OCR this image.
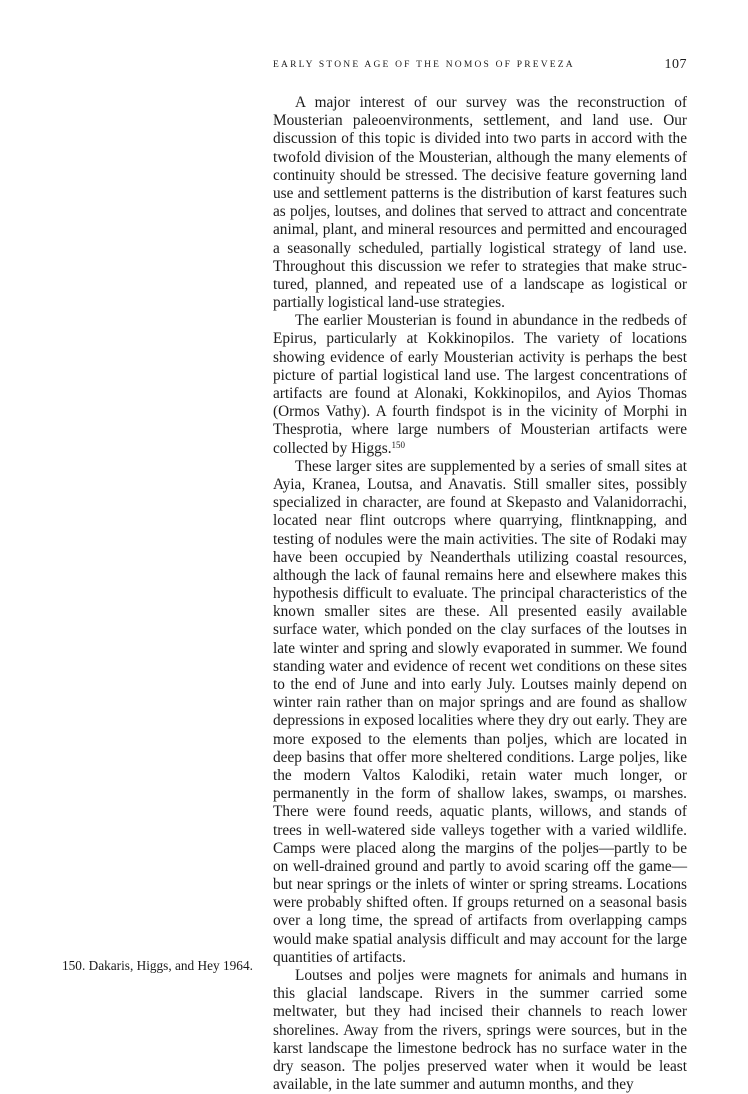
EARLY STONE AGE OF THE NOMOS OF PREVEZA	107

A major interest of our survey was the reconstruction of Mousterian paleoenvironments, settlement, and land use. Our discussion of this topic is divided into two parts in accord with the twofold division of the Mousterian, although the many elements of continuity should be stressed. The decisive feature governing land use and settlement patterns is the distribution of karst features such as poljes, loutses, and dolines that served to attract and concentrate animal, plant, and mineral resources and permitted and encouraged a seasonally scheduled, partially logistical strategy of land use. Throughout this discussion we refer to strategies that make structured, planned, and repeated use of a landscape as logistical or partially logistical land-use strategies.

The earlier Mousterian is found in abundance in the redbeds of Epirus, particularly at Kokkinopilos. The variety of locations showing evidence of early Mousterian activity is perhaps the best picture of partial logistical land use. The largest concentrations of artifacts are found at Alonaki, Kokkinopilos, and Ayios Thomas (Ormos Vathy). A fourth findspot is in the vicinity of Morphi in Thesprotia, where large numbers of Mousterian artifacts were collected by Higgs.$^{150}$

These larger sites are supplemented by a series of small sites at Ayia, Kranea, Loutsa, and Anavatis. Still smaller sites, possibly specialized in character, are found at Skepasto and Valanidorrachi, located near flint outcrops where quarrying, flintknapping, and testing of nodules were the main activities. The site of Rodaki may have been occupied by Neanderthals utilizing coastal resources, although the lack of faunal remains here and elsewhere makes this hypothesis difficult to evaluate. The principal characteristics of the known smaller sites are these. All presented easily available surface water, which ponded on the clay surfaces of the loutses in late winter and spring and slowly evaporated in summer. We found standing water and evidence of recent wet conditions on these sites to the end of June and into early July. Loutses mainly depend on winter rain rather than on major springs and are found as shallow depressions in exposed localities where they dry out early. They are more exposed to the elements than poljes, which are located in deep basins that offer more sheltered conditions. Large poljes, like the modern Valtos Kalodiki, retain water much longer, or permanently in the form of shallow lakes, swamps, oı marshes. There were found reeds, aquatic plants, willows, and stands of trees in well-watered side valleys together with a varied wildlife. Camps were placed along the margins of the poljes—partly to be on well-drained ground and partly to avoid scaring off the game—but near springs or the inlets of winter or spring streams. Locations were probably shifted often. If groups returned on a seasonal basis over a long time, the spread of artifacts from overlapping camps would make spatial analysis difficult and may account for the large quantities of artifacts.

Loutses and poljes were magnets for animals and humans in this glacial landscape. Rivers in the summer carried some meltwater, but they had incised their channels to reach lower shorelines. Away from the rivers, springs were sources, but in the karst landscape the limestone bedrock has no surface water in the dry season. The poljes preserved water when it would be least available, in the late summer and autumn months, and they

150. Dakaris, Higgs, and Hey 1964.
